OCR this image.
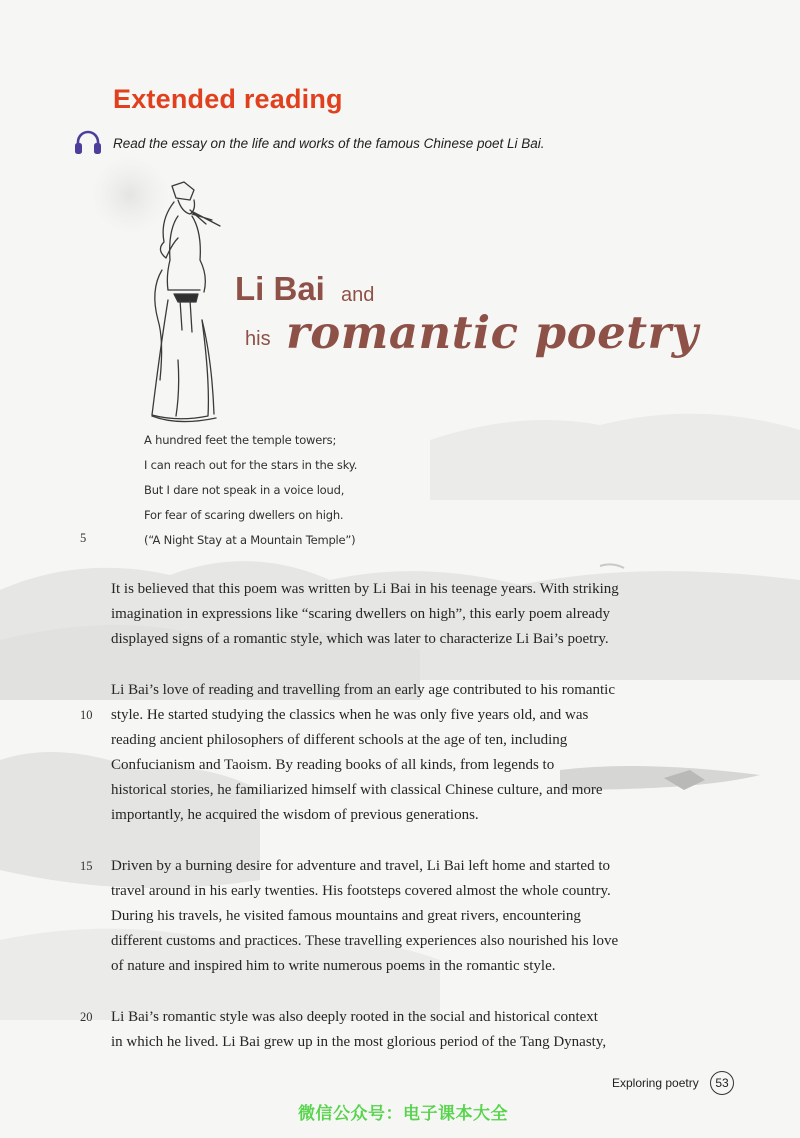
Extended reading
Read the essay on the life and works of the famous Chinese poet Li Bai.
Li Bai and
his romantic poetry
A hundred feet the temple towers;
I can reach out for the stars in the sky.
But I dare not speak in a voice loud,
For fear of scaring dwellers on high.
(“A Night Stay at a Mountain Temple”)
5
10
15
20
It is believed that this poem was written by Li Bai in his teenage years. With striking
imagination in expressions like “scaring dwellers on high”, this early poem already
displayed signs of a romantic style, which was later to characterize Li Bai’s poetry.
Li Bai’s love of reading and travelling from an early age contributed to his romantic
style. He started studying the classics when he was only five years old, and was
reading ancient philosophers of different schools at the age of ten, including
Confucianism and Taoism. By reading books of all kinds, from legends to
historical stories, he familiarized himself with classical Chinese culture, and more
importantly, he acquired the wisdom of previous generations.
Driven by a burning desire for adventure and travel, Li Bai left home and started to
travel around in his early twenties. His footsteps covered almost the whole country.
During his travels, he visited famous mountains and great rivers, encountering
different customs and practices. These travelling experiences also nourished his love
of nature and inspired him to write numerous poems in the romantic style.
Li Bai’s romantic style was also deeply rooted in the social and historical context
in which he lived. Li Bai grew up in the most glorious period of the Tang Dynasty,
Exploring poetry	53
微信公众号：电子课本大全
